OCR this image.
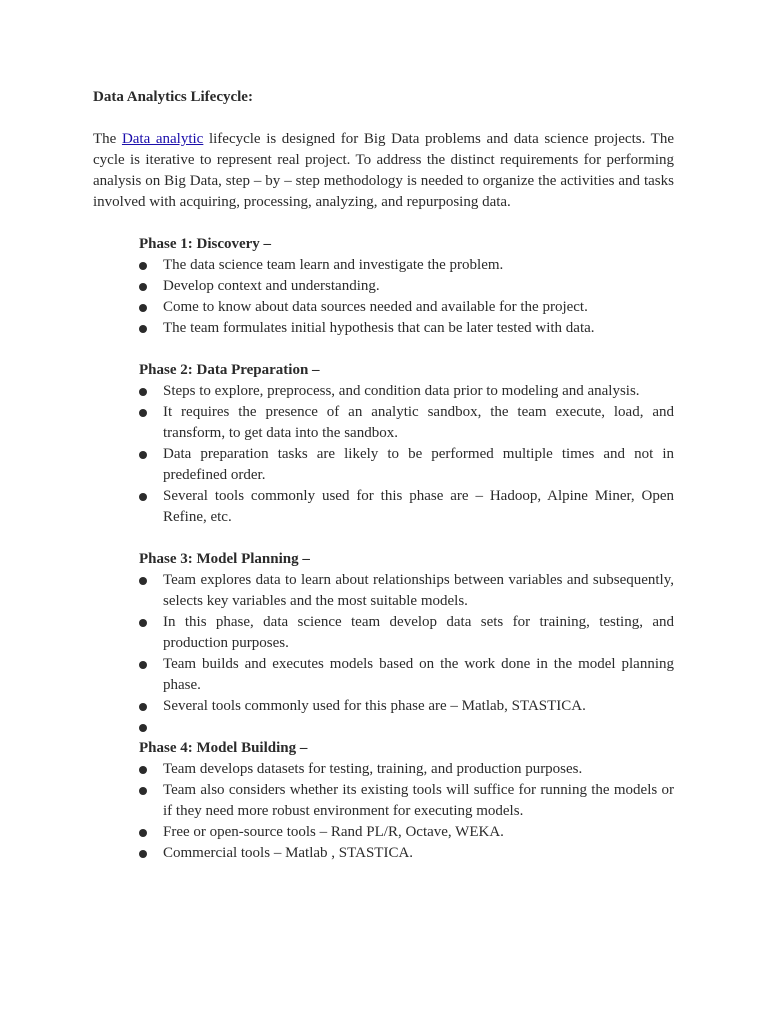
Data Analytics Lifecycle:

The Data analytic lifecycle is designed for Big Data problems and data science projects. The cycle is iterative to represent real project. To address the distinct requirements for performing analysis on Big Data, step – by – step methodology is needed to organize the activities and tasks involved with acquiring, processing, analyzing, and repurposing data.

Phase 1: Discovery –

The data science team learn and investigate the problem.
Develop context and understanding.
Come to know about data sources needed and available for the project.
The team formulates initial hypothesis that can be later tested with data.

Phase 2: Data Preparation –

Steps to explore, preprocess, and condition data prior to modeling and analysis.
It requires the presence of an analytic sandbox, the team execute, load, and transform, to get data into the sandbox.
Data preparation tasks are likely to be performed multiple times and not in predefined order.
Several tools commonly used for this phase are – Hadoop, Alpine Miner, Open Refine, etc.

Phase 3: Model Planning –

Team explores data to learn about relationships between variables and subsequently, selects key variables and the most suitable models.
In this phase, data science team develop data sets for training, testing, and production purposes.
Team builds and executes models based on the work done in the model planning phase.
Several tools commonly used for this phase are – Matlab, STASTICA.

Phase 4: Model Building –

Team develops datasets for testing, training, and production purposes.
Team also considers whether its existing tools will suffice for running the models or if they need more robust environment for executing models.
Free or open-source tools – Rand PL/R, Octave, WEKA.
Commercial tools – Matlab , STASTICA.
